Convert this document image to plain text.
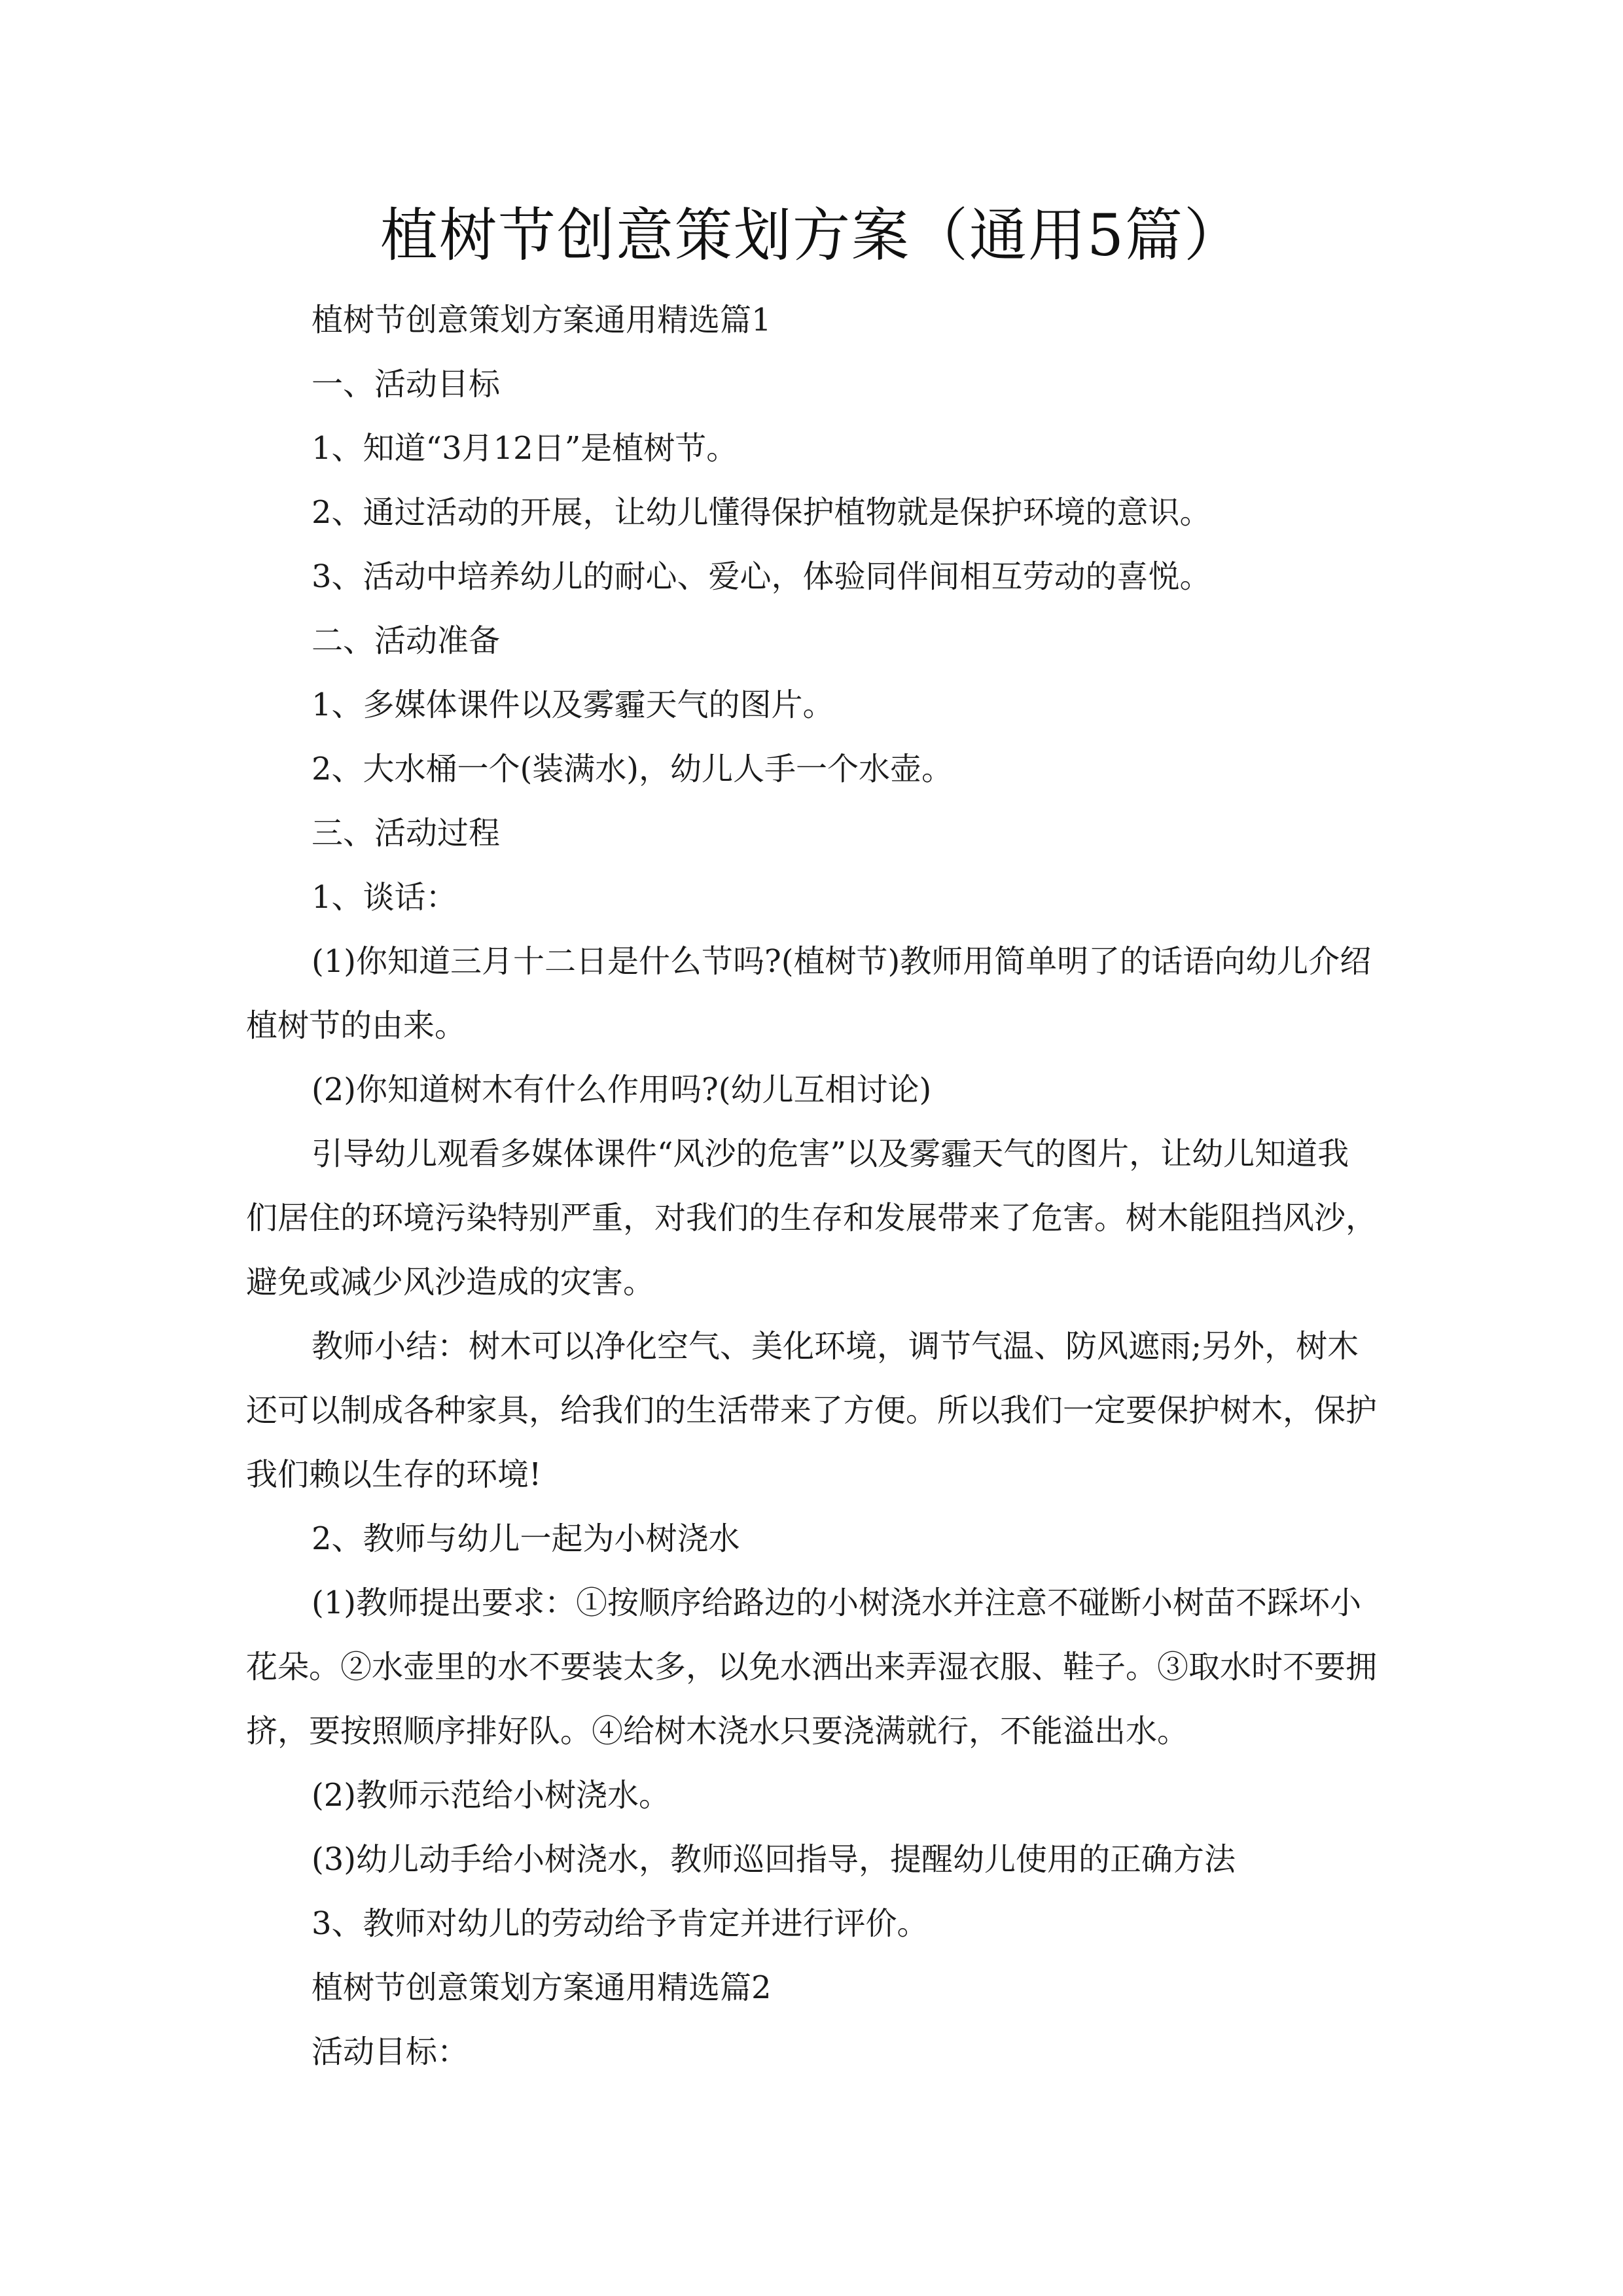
植树节创意策划方案（通用5篇）

植树节创意策划方案通用精选篇1

一、活动目标

1、知道“3月12日”是植树节。

2、通过活动的开展，让幼儿懂得保护植物就是保护环境的意识。

3、活动中培养幼儿的耐心、爱心，体验同伴间相互劳动的喜悦。

二、活动准备

1、多媒体课件以及雾霾天气的图片。

2、大水桶一个(装满水)，幼儿人手一个水壶。

三、活动过程

1、谈话：

(1)你知道三月十二日是什么节吗?(植树节)教师用简单明了的话语向幼儿介绍植树节的由来。

(2)你知道树木有什么作用吗?(幼儿互相讨论)

引导幼儿观看多媒体课件“风沙的危害”以及雾霾天气的图片，让幼儿知道我们居住的环境污染特别严重，对我们的生存和发展带来了危害。树木能阻挡风沙，避免或减少风沙造成的灾害。

教师小结：树木可以净化空气、美化环境，调节气温、防风遮雨;另外，树木还可以制成各种家具，给我们的生活带来了方便。所以我们一定要保护树木，保护我们赖以生存的环境!

2、教师与幼儿一起为小树浇水

(1)教师提出要求：①按顺序给路边的小树浇水并注意不碰断小树苗不踩坏小花朵。②水壶里的水不要装太多，以免水洒出来弄湿衣服、鞋子。③取水时不要拥挤，要按照顺序排好队。④给树木浇水只要浇满就行，不能溢出水。

(2)教师示范给小树浇水。

(3)幼儿动手给小树浇水，教师巡回指导，提醒幼儿使用的正确方法

3、教师对幼儿的劳动给予肯定并进行评价。

植树节创意策划方案通用精选篇2

活动目标：
